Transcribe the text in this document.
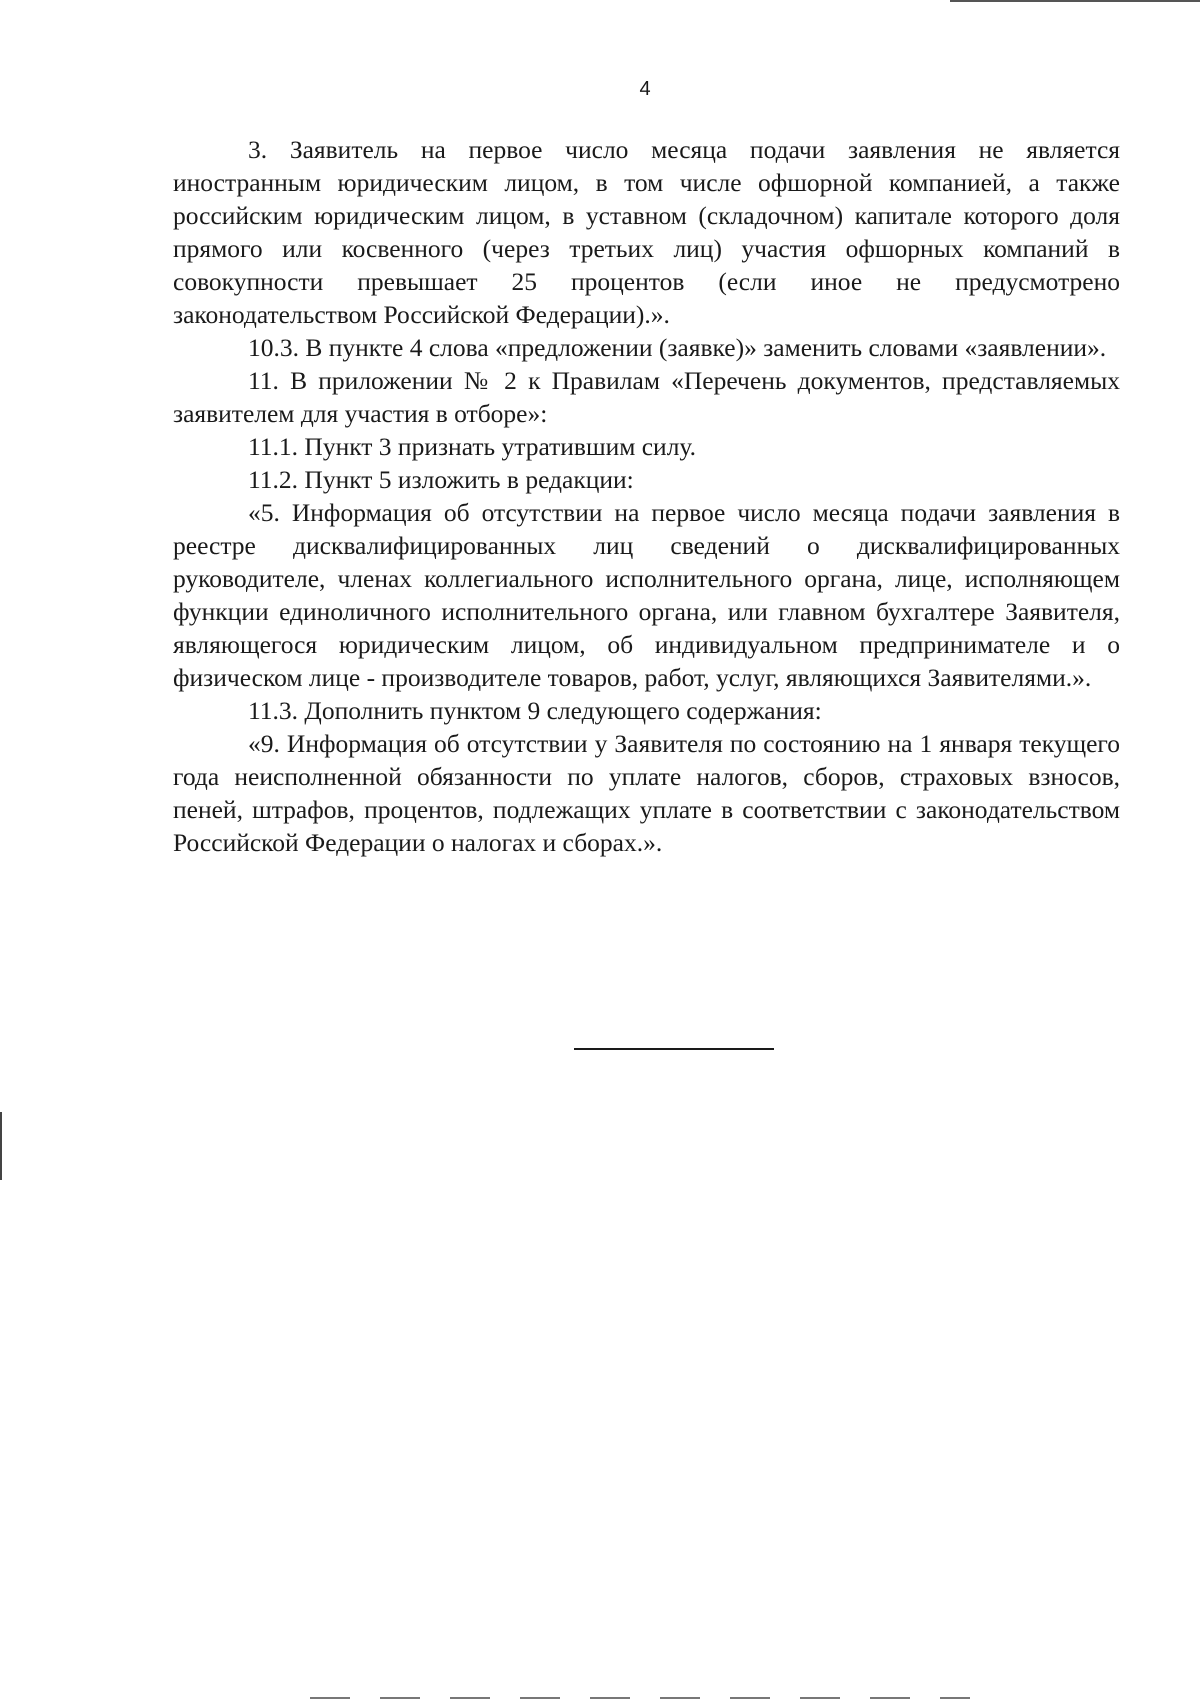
4

3. Заявитель на первое число месяца подачи заявления не является иностранным юридическим лицом, в том числе офшорной компанией, а также российским юридическим лицом, в уставном (складочном) капитале которого доля прямого или косвенного (через третьих лиц) участия офшорных компаний в совокупности превышает 25 процентов (если иное не предусмотрено законодательством Российской Федерации).».

10.3. В пункте 4 слова «предложении (заявке)» заменить словами «заявлении».

11. В приложении № 2 к Правилам «Перечень документов, представляемых заявителем для участия в отборе»:

11.1. Пункт 3 признать утратившим силу.

11.2. Пункт 5 изложить в редакции:

«5. Информация об отсутствии на первое число месяца подачи заявления в реестре дисквалифицированных лиц сведений о дисквалифицированных руководителе, членах коллегиального исполнительного органа, лице, исполняющем функции единоличного исполнительного органа, или главном бухгалтере Заявителя, являющегося юридическим лицом, об индивидуальном предпринимателе и о физическом лице - производителе товаров, работ, услуг, являющихся Заявителями.».

11.3. Дополнить пунктом 9 следующего содержания:

«9. Информация об отсутствии у Заявителя по состоянию на 1 января текущего года неисполненной обязанности по уплате налогов, сборов, страховых взносов, пеней, штрафов, процентов, подлежащих уплате в соответствии с законодательством Российской Федерации о налогах и сборах.».
